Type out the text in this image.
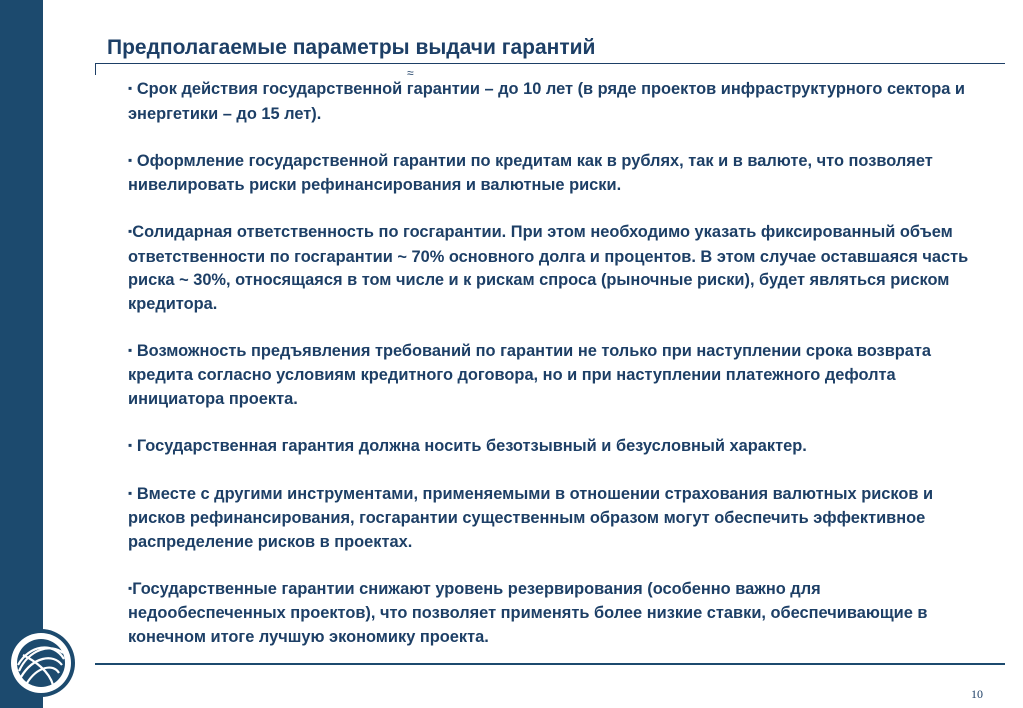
Предполагаемые параметры выдачи гарантий
≈

▪ Срок действия государственной гарантии – до 10 лет (в ряде проектов инфраструктурного сектора и энергетики – до 15 лет).

▪ Оформление государственной гарантии по кредитам как в рублях, так и в валюте, что позволяет нивелировать риски рефинансирования и валютные риски.

▪Солидарная ответственность по госгарантии. При этом необходимо указать фиксированный объем ответственности по госгарантии ~ 70% основного долга и процентов. В этом случае оставшаяся часть риска ~ 30%, относящаяся в том числе и к рискам спроса (рыночные риски), будет являться риском кредитора.

▪ Возможность предъявления требований по гарантии не только при наступлении срока возврата кредита согласно условиям кредитного договора, но и при наступлении платежного дефолта инициатора проекта.

▪ Государственная гарантия должна носить безотзывный и безусловный характер.

▪ Вместе с другими инструментами, применяемыми в отношении страхования валютных рисков и рисков рефинансирования, госгарантии существенным образом могут обеспечить эффективное распределение рисков в проектах.

▪Государственные гарантии снижают уровень резервирования (особенно важно для недообеспеченных проектов), что позволяет применять более низкие ставки, обеспечивающие в конечном итоге лучшую экономику проекта.

10
